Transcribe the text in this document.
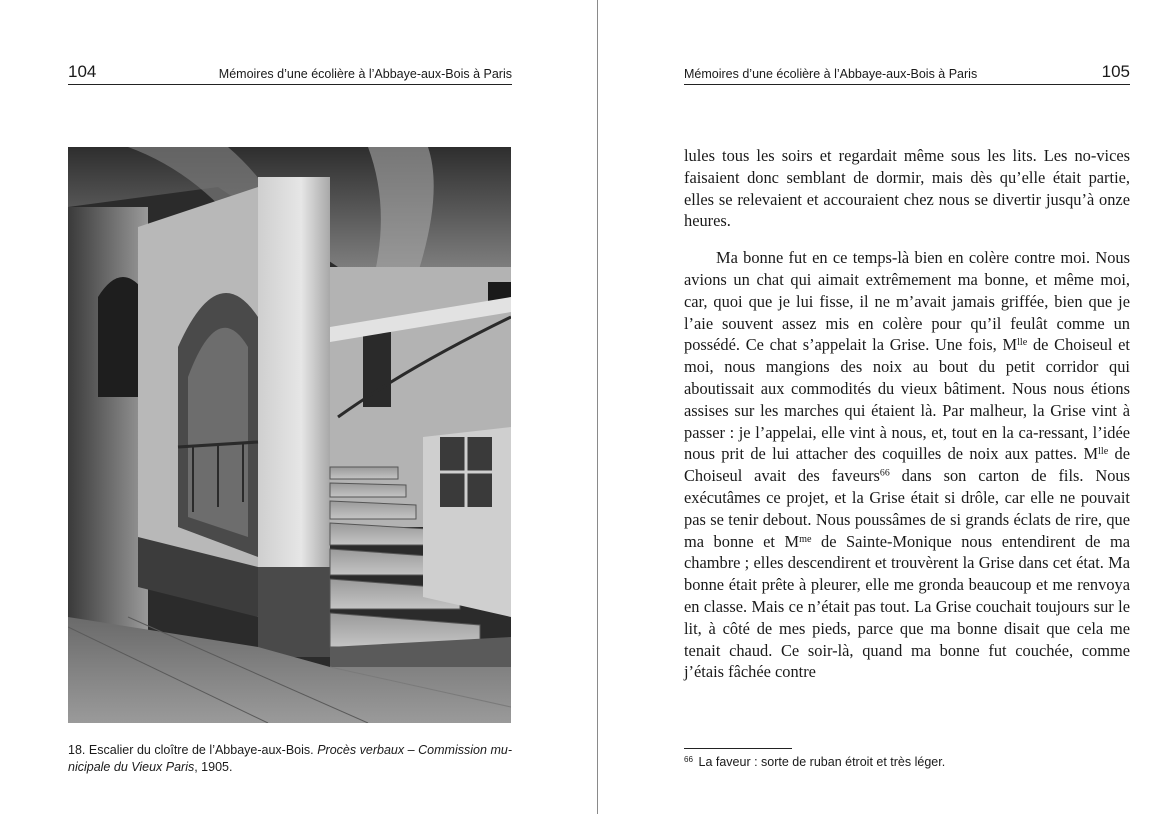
104	Mémoires d’une écolière à l’Abbaye-aux-Bois à Paris
18. Escalier du cloître de l’Abbaye-aux-Bois. Procès verbaux – Commission mu-nicipale du Vieux Paris, 1905.
Mémoires d’une écolière à l’Abbaye-aux-Bois à Paris	105

lules tous les soirs et regardait même sous les lits. Les no-vices faisaient donc semblant de dormir, mais dès qu’elle était partie, elles se relevaient et accouraient chez nous se divertir jusqu’à onze heures.

Ma bonne fut en ce temps-là bien en colère contre moi. Nous avions un chat qui aimait extrêmement ma bonne, et même moi, car, quoi que je lui fisse, il ne m’avait jamais griffée, bien que je l’aie souvent assez mis en colère pour qu’il feulât comme un possédé. Ce chat s’appelait la Grise. Une fois, $M^{lle}$ de Choiseul et moi, nous mangions des noix au bout du petit corridor qui aboutissait aux commodités du vieux bâtiment. Nous nous étions assises sur les marches qui étaient là. Par malheur, la Grise vint à passer : je l’appelai, elle vint à nous, et, tout en la ca-ressant, l’idée nous prit de lui attacher des coquilles de noix aux pattes. $M^{lle}$ de Choiseul avait des faveurs$^{66}$ dans son carton de fils. Nous exécutâmes ce projet, et la Grise était si drôle, car elle ne pouvait pas se tenir debout. Nous poussâmes de si grands éclats de rire, que ma bonne et $M^{me}$ de Sainte-Monique nous entendirent de ma chambre ; elles descendirent et trouvèrent la Grise dans cet état. Ma bonne était prête à pleurer, elle me gronda beaucoup et me renvoya en classe. Mais ce n’était pas tout. La Grise couchait toujours sur le lit, à côté de mes pieds, parce que ma bonne disait que cela me tenait chaud. Ce soir-là, quand ma bonne fut couchée, comme j’étais fâchée contre

$^{66}$ La faveur : sorte de ruban étroit et très léger.
